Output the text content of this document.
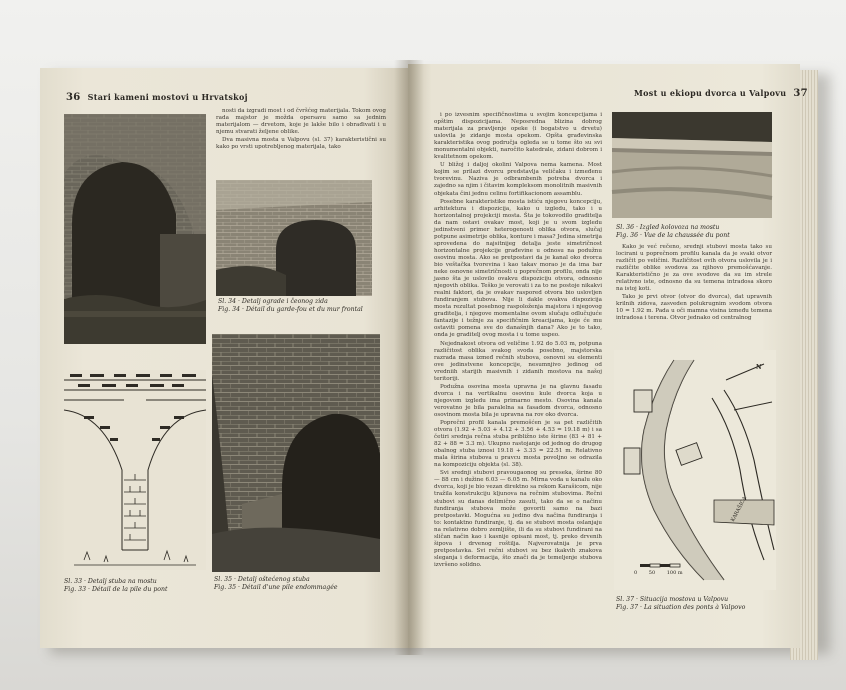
36 Stari kameni mostovi u Hrvatskoj

nosti da izgradi most i od čvršćeg materijala. Tokom ovog rada majstor je možda opersavu samo sa jednim materijalom — drvetom, koje je lakše bilo i obrađivati i u njemu stvarati željene oblike.

Dva masivna mosta u Valpovu (sl. 37) karakteristični su kako po vrsti upotrebljenog materijala, tako

Sl. 34 · Detalj ograde i čeonog zida
Fig. 34 · Détail du garde-fou et du mur frontal
Sl. 33 · Detalj stuba na mostu
Fig. 33 · Détail de la pile du pont
Sl. 35 · Detalj oštećenog stuba
Fig. 35 · Détail d'une pile endommagée
Most u ekiopu dvorca u Valpovu 37

i po izvesnim specifičnostima u svojim koncepcijama i opštim dispozicijama. Neposredna blizina dobrog materijala za pravljenje opeke (i bogatstvo u drvetu) uslovila je zidanje mosta opekom. Opšta građevinska karakteristika ovog područja ogleda se u tome što su svi monumentalni objekti, naročito katedrale, zidani dobrom i kvalitetnom opekom.

U bližoj i daljoj okolini Valpova nema kamena. Most kojim se prilazi dvorcu predstavlja veličaku i izmeđenu tvorevinu. Naziva je odbrambenih potreba dvorca i zajedno sa njim i čitavim kompleksom monolitnih masivnih objekata čini jednu celinu fortifikacionom assamblu.

Posebne karakteristike mosta istiću njegovu koncepciju, arhitektura i dispozicija, kako u izgledu, tako i u horizontalnoj projekciji mosta. Šta je tokovodilo graditelja da nam ostavi ovakav most, koji je u svom izgledu jedinstveni primer heterogenosti oblika otvora, slučaj potpune asimetrije oblika, konture i masa? Jedina simetrija sprovedena do najsitnijeg detalja jeste simetričnost horizontalne projekcije građevine u odnosu na podužnu osovinu mosta. Ako se pretpostavi da je kanal oko dvorca bio veštačka tvorevina i kao takav morao je da ima bar neke osnovne simetričnosti u poprečnom profilu, onda nije jasno šta je uslovilo ovakvu dispoziciju otvora, odnosno njegovih oblika. Teško je verovati i za to ne postoje nikakvi realni faktori, da je ovakav raspored otvora bio uslovljen fundiranjem stubova. Nije li dakle ovakva dispozicija mosta rezultat posebnog raspoloženja majstora i njegovog graditelja, i njegove momentalne ovom slučaju odlučujuće fantazije i težnje za specifičnim kreacijama, koje će mu ostaviti pomena sve do današnjih dana? Ako je to tako, onda je graditelj ovog mosta i u tome uspeo.

Nejednakost otvora od veličine 1.92 do 5.03 m, potpuna različitost oblika svakog svoda posebno, majstorska razrada masa izmeđ rečnih stubova, osnovni su elementi ove jedinstvene koncepcije, nesumnjivo jedinog od vredniih starijih masivnih i zidanih mostova na našoj teritoriji.

Podužna osovina mosta upravna je na glavnu fasadu dvorca i na vertikalnu osovinu kule dvorca koja u njegovom izgledu ima primarno mesto. Osovina kanala verovatno je bila paralelna sa fasadom dvorca, odnosno osovinom mosta bila je upravna na rov oko dvorca.

Poprečni profil kanala premošćen je sa pet različitih otvora (1.92 + 5.03 + 4.12 + 3.56 + 4.53 = 19.18 m) i sa četiri srednja rečna stuba približno iste širine (83 + 81 + 82 + 88 = 3.3 m). Ukupno rastojanje od jednog do drugog obalnog stuba iznosi 19.18 + 3.33 = 22.51 m. Relativno mala širina stubova u pravcu mosta povoljno se odrazila na kompoziciju objekta (sl. 38).

Svi srednji stubovi pravougaonog su preseka, širine 80 — 88 cm i dužine 6.03 — 6.05 m. Mirna voda u kanalu oko dvorca, koji je bio vezan direktno sa rekom Karašicom, nije tražila konstrukciju kljunova na rečnim stubovima. Rečni stubovi su danas delimično zasuti, tako da se o načinu fundiranja stubova može govoriti samo na bazi pretpostavki. Mogućna su jedino dva načina fundiranja i to: kontaktno fundiranje, tj. da se stubovi mosta oslanjaju na relativno dobro zemljište, ili da su stubovi fundirani na sličan način kao i kasnije opisani most, tj. preko drvenih šipova i drvenog roštilja. Najverovatnija je prva pretpostavka. Svi rečni stubovi su bez ikakvih znakova sleganja i deformacija, što znači da je temeljenje stubova izvršeno solidno.

Sl. 36 · Izgled kolovoza na mostu
Fig. 36 · Vue de la chaussée du pont

Kako je već rečeno, srednji stubovi mosta tako su locirani u poprečnom profilu kanala da je svaki otvor različit po veličini. Različitost ovih otvora uslovila je i različite oblike svodova za njihovo premošćavanje. Karakteristično je za ove svodove da su im strele relativno iste, odnosno da su temena intradosa skoro na istoj koti.

Tako je prvi otvor (otvor do dvorca), dat upravnih krilnih zidova, zasveden polukrugnim svodom otvora 10 = 1.92 m. Pada u oči mamna visina između temena intradosa i terena. Otvor jednako od centralnog

0 50 100 m
N
KARAŠICA
Sl. 37 · Situacija mostova u Valpovu
Fig. 37 · La situation des ponts à Valpovo
